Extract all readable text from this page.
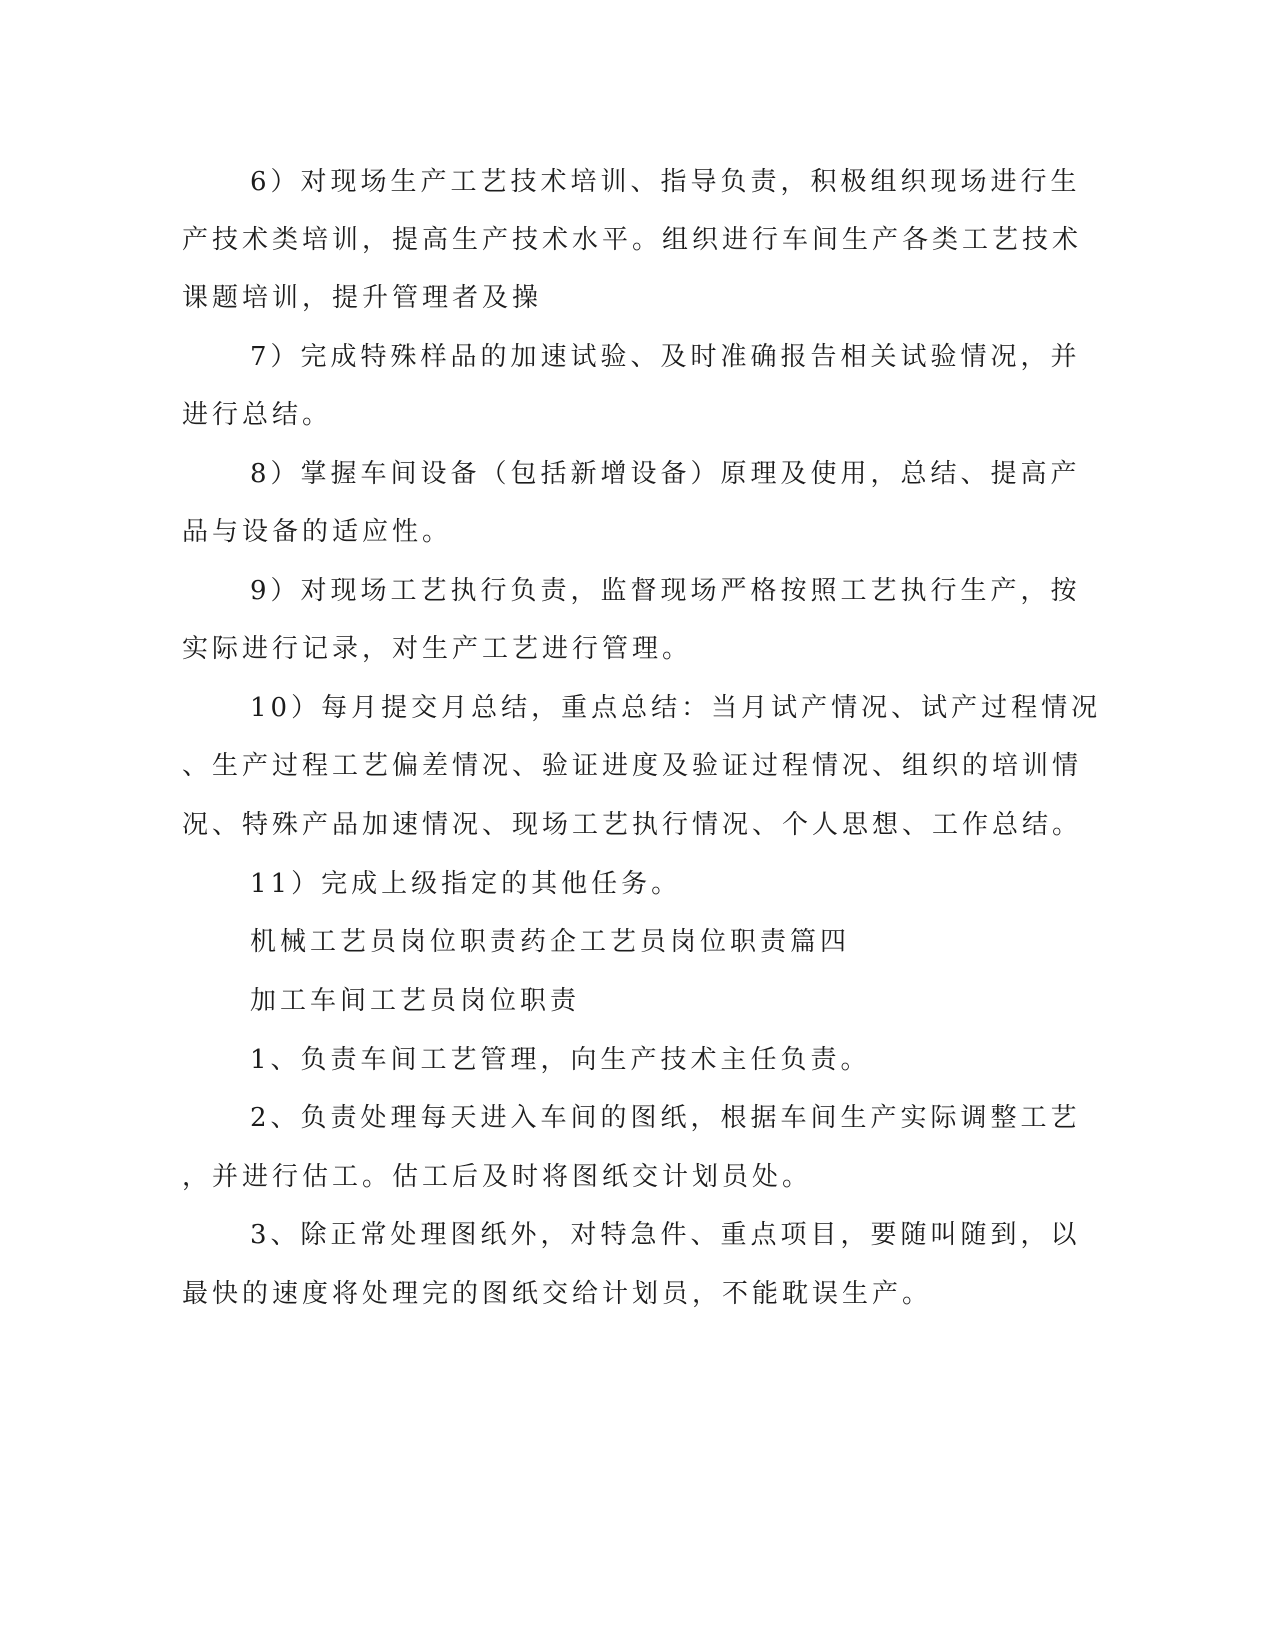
6）对现场生产工艺技术培训、指导负责，积极组织现场进行生
产技术类培训，提高生产技术水平。组织进行车间生产各类工艺技术
课题培训，提升管理者及操
7）完成特殊样品的加速试验、及时准确报告相关试验情况，并
进行总结。
8）掌握车间设备（包括新增设备）原理及使用，总结、提高产
品与设备的适应性。
9）对现场工艺执行负责，监督现场严格按照工艺执行生产，按
实际进行记录，对生产工艺进行管理。
10）每月提交月总结，重点总结：当月试产情况、试产过程情况
、生产过程工艺偏差情况、验证进度及验证过程情况、组织的培训情
况、特殊产品加速情况、现场工艺执行情况、个人思想、工作总结。
11）完成上级指定的其他任务。
机械工艺员岗位职责药企工艺员岗位职责篇四
加工车间工艺员岗位职责
1、负责车间工艺管理，向生产技术主任负责。
2、负责处理每天进入车间的图纸，根据车间生产实际调整工艺
，并进行估工。估工后及时将图纸交计划员处。
3、除正常处理图纸外，对特急件、重点项目，要随叫随到，以
最快的速度将处理完的图纸交给计划员，不能耽误生产。
